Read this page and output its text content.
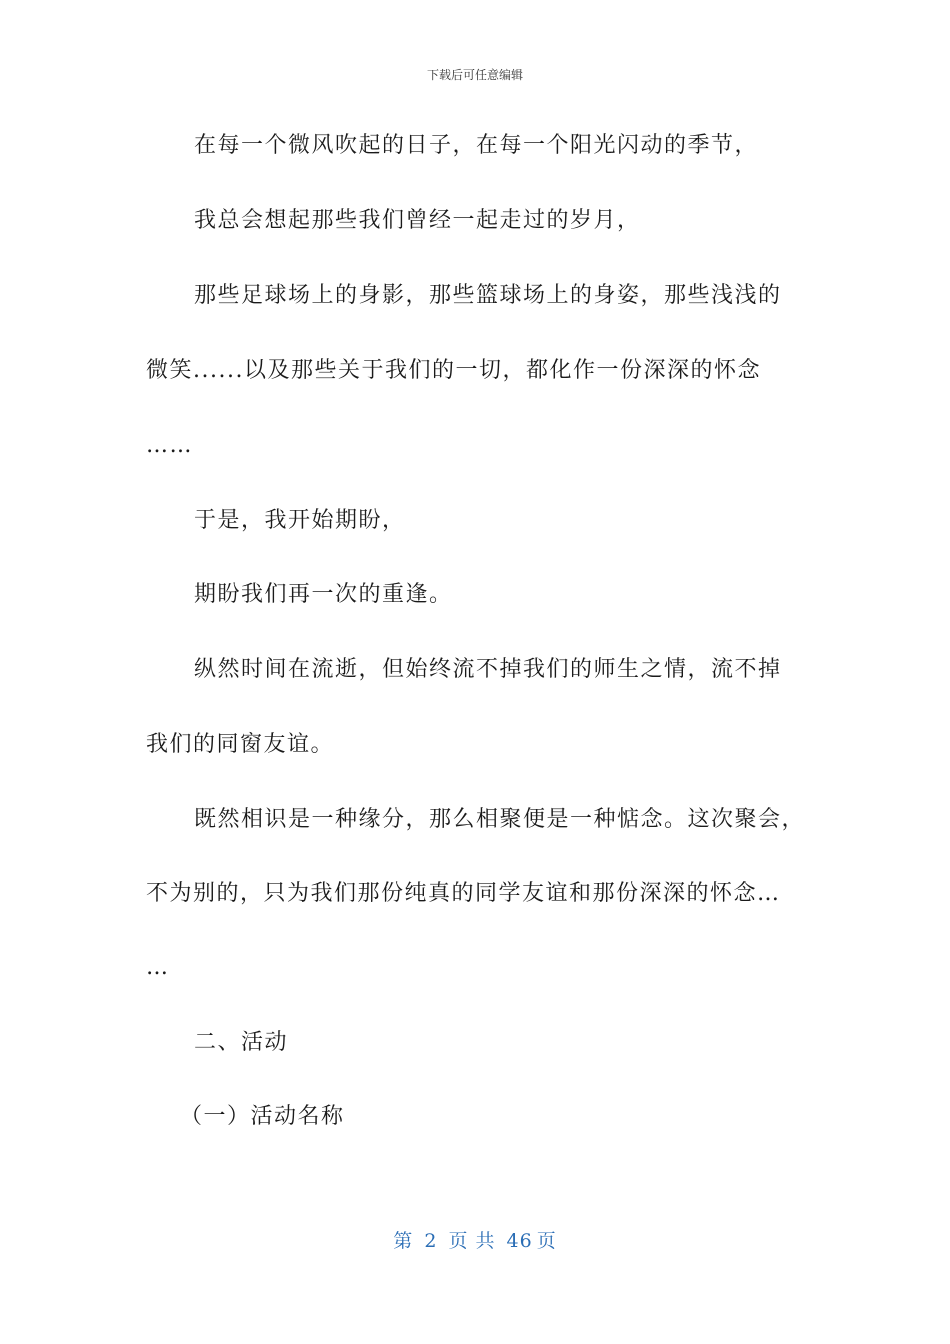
下载后可任意编辑
在每一个微风吹起的日子，在每一个阳光闪动的季节，
我总会想起那些我们曾经一起走过的岁月，
那些足球场上的身影，那些篮球场上的身姿，那些浅浅的
微笑......以及那些关于我们的一切，都化作一份深深的怀念
……
于是，我开始期盼，
期盼我们再一次的重逢。
纵然时间在流逝，但始终流不掉我们的师生之情，流不掉
我们的同窗友谊。
既然相识是一种缘分，那么相聚便是一种惦念。这次聚会，
不为别的，只为我们那份纯真的同学友谊和那份深深的怀念…
…
二、活动
（一）活动名称
第 2 页 共 46 页
